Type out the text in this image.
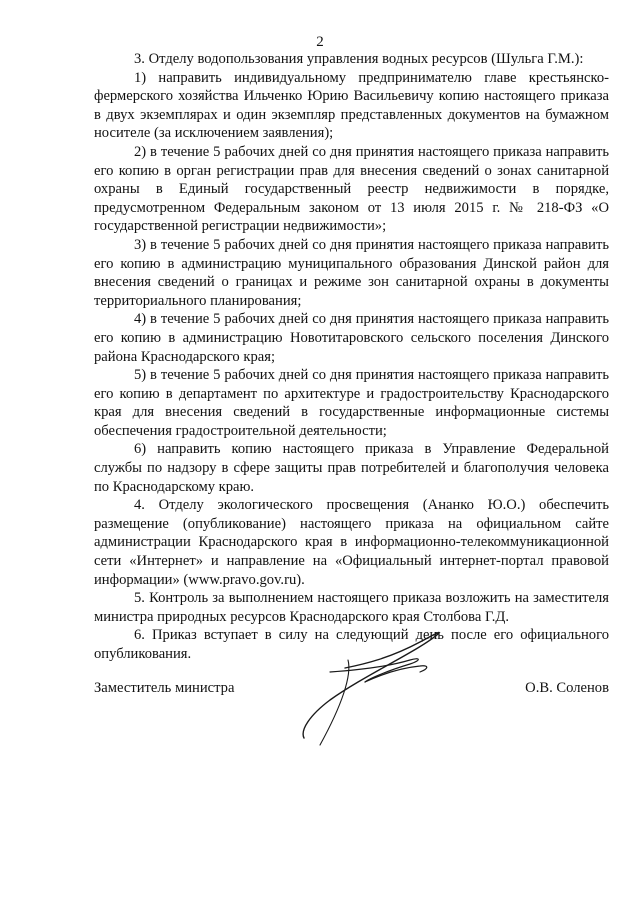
2

3. Отделу водопользования управления водных ресурсов (Шульга Г.М.):

1) направить индивидуальному предпринимателю главе крестьянско-фермерского хозяйства Ильченко Юрию Васильевичу копию настоящего приказа в двух экземплярах и один экземпляр представленных документов на бумажном носителе (за исключением заявления);

2) в течение 5 рабочих дней со дня принятия настоящего приказа направить его копию в орган регистрации прав для внесения сведений о зонах санитарной охраны в Единый государственный реестр недвижимости в порядке, предусмотренном Федеральным законом от 13 июля 2015 г. № 218-ФЗ «О государственной регистрации недвижимости»;

3) в течение 5 рабочих дней со дня принятия настоящего приказа направить его копию в администрацию муниципального образования Динской район для внесения сведений о границах и режиме зон санитарной охраны в документы территориального планирования;

4) в течение 5 рабочих дней со дня принятия настоящего приказа направить его копию в администрацию Новотитаровского сельского поселения Динского района Краснодарского края;

5) в течение 5 рабочих дней со дня принятия настоящего приказа направить его копию в департамент по архитектуре и градостроительству Краснодарского края для внесения сведений в государственные информационные системы обеспечения градостроительной деятельности;

6) направить копию настоящего приказа в Управление Федеральной службы по надзору в сфере защиты прав потребителей и благополучия человека по Краснодарскому краю.

4. Отделу экологического просвещения (Ананко Ю.О.) обеспечить размещение (опубликование) настоящего приказа на официальном сайте администрации Краснодарского края в информационно-телекоммуникационной сети «Интернет» и направление на «Официальный интернет-портал правовой информации» (www.pravo.gov.ru).

5. Контроль за выполнением настоящего приказа возложить на заместителя министра природных ресурсов Краснодарского края Столбова Г.Д.

6. Приказ вступает в силу на следующий день после его официального опубликования.

Заместитель министра	О.В. Соленов
